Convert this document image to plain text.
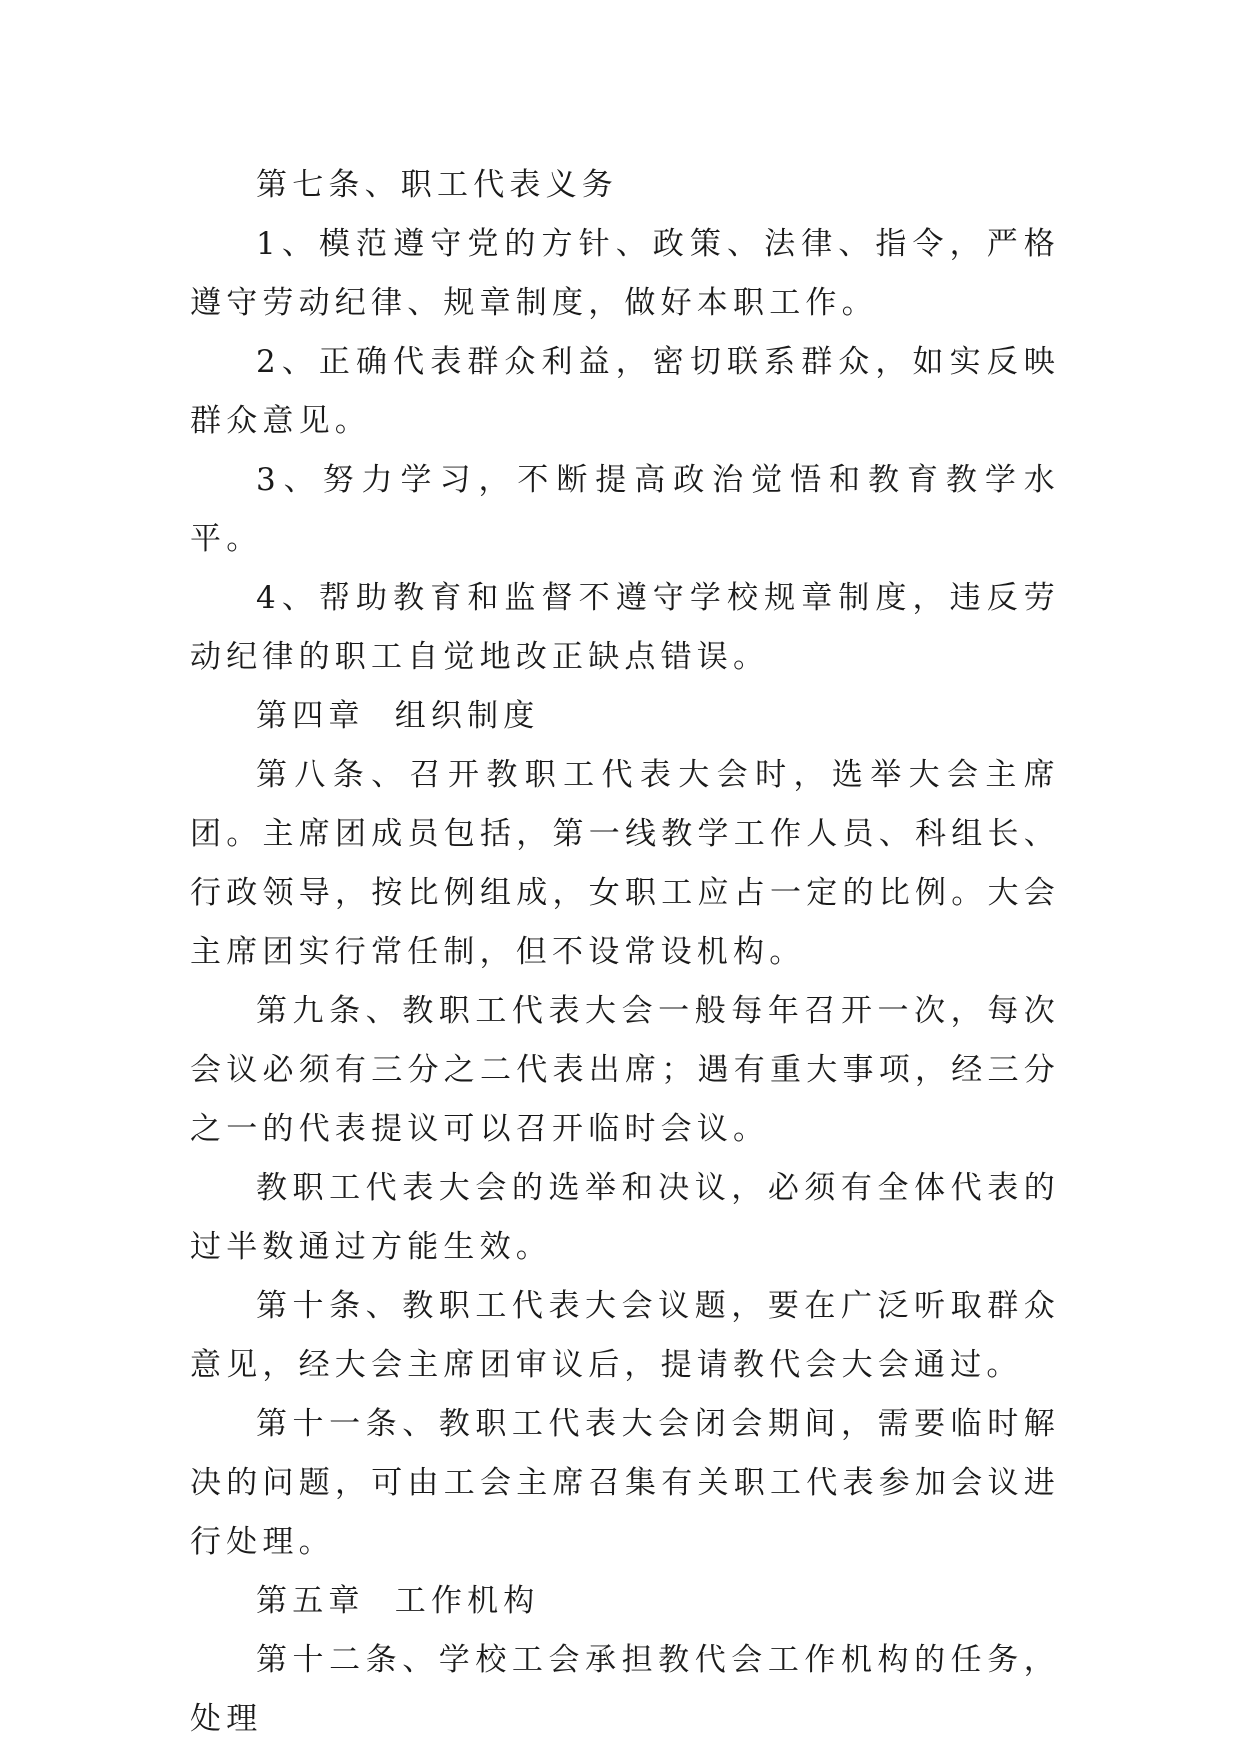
第七条、职工代表义务

1、模范遵守党的方针、政策、法律、指令，严格遵守劳动纪律、规章制度，做好本职工作。

2、正确代表群众利益，密切联系群众，如实反映群众意见。

3、努力学习，不断提高政治觉悟和教育教学水平。

4、帮助教育和监督不遵守学校规章制度，违反劳动纪律的职工自觉地改正缺点错误。

第四章  组织制度

第八条、召开教职工代表大会时，选举大会主席团。主席团成员包括，第一线教学工作人员、科组长、行政领导，按比例组成，女职工应占一定的比例。大会主席团实行常任制，但不设常设机构。

第九条、教职工代表大会一般每年召开一次，每次会议必须有三分之二代表出席；遇有重大事项，经三分之一的代表提议可以召开临时会议。

教职工代表大会的选举和决议，必须有全体代表的过半数通过方能生效。

第十条、教职工代表大会议题，要在广泛听取群众意见，经大会主席团审议后，提请教代会大会通过。

第十一条、教职工代表大会闭会期间，需要临时解决的问题，可由工会主席召集有关职工代表参加会议进行处理。

第五章  工作机构

第十二条、学校工会承担教代会工作机构的任务，处理
